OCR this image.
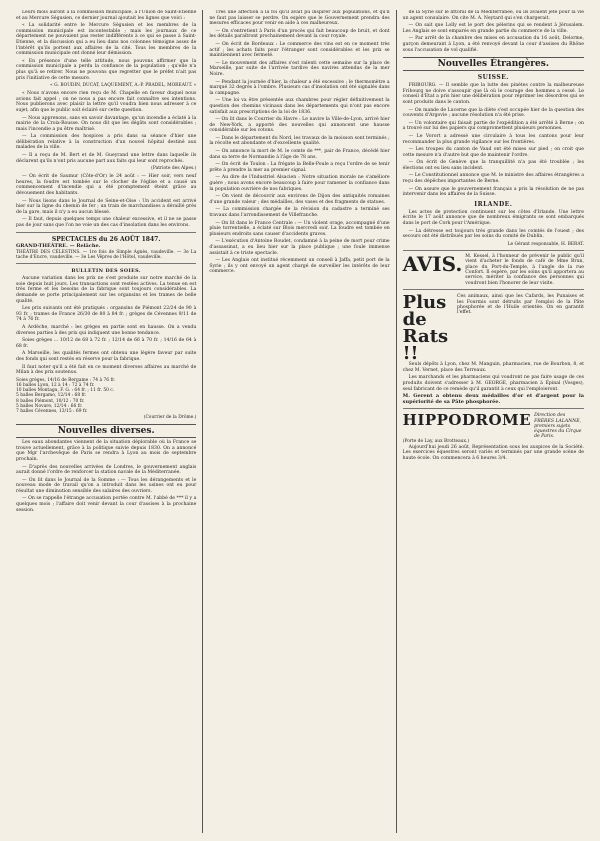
Leurs mois auront à la commission municipale, à l'Union de Saint-Etienne et au Mercure Ségusien, ce dernier journal ajoutait les lignes que voici :

« La solidarité entre le Mercure Ségusien et les membres de la commission municipale est incontestable ; mais les journaux de ce département ne pouvaient pas rester indifférents à ce qui se passe à Saint-Etienne, et la discussion qui a eu lieu dans nos colonnes témoigne assez de l'intérêt qu'ils portent aux affaires de la cité. Tous les membres de la commission municipale ont donné leur démission.

« En présence d'une telle attitude, nous pouvons affirmer que la commission municipale a perdu la confiance de la population ; qu'elle n'a plus qu'à se retirer. Nous ne pouvons que regretter que le préfet n'ait pas pris l'initiative de cette mesure.

« G. BOUDIN, DUCAT, LAQUEMENT, A.-P. PRADEL, MOREAUT. »

« Nous n'avons encore rien reçu de M. Chapelle en faveur duquel nous avions fait appel ; on ne nous a pas encore fait connaître ses intentions. Nous publierons avec plaisir la lettre qu'il voudra bien nous adresser à ce sujet, afin que le public soit éclairé sur cette question.

— Nous apprenons, sans en savoir davantage, qu'un incendie a éclaté à la mairie de la Croix-Rousse. On nous dit que les dégâts sont considérables ; mais l'incendie a pu être maîtrisé.

— La commission des hospices a pris dans sa séance d'hier une délibération relative à la construction d'un nouvel hôpital destiné aux malades de la ville.

— Il a reçu de M. Bert et de M. Gueyrand une lettre dans laquelle ils déclarent qu'ils n'ont pris aucune part aux faits qui leur sont reprochés.

(Patriote des Alpes.)

— On écrit de Saumur (Côte-d'Or) le 24 août : — Hier soir, vers neuf heures, la foudre est tombée sur le clocher de l'église et a causé un commencement d'incendie qui a été promptement éteint grâce au dévouement des habitants.

— Nous lisons dans le Journal de Seine-et-Oise : Un accident est arrivé hier sur la ligne du chemin de fer ; un train de marchandises a déraillé près de la gare, mais il n'y a eu aucun blessé.

— Il faut, depuis quelques temps une chaleur excessive, et il ne se passe pas de jour sans que l'on ne voie un des cas d'insolation dans les environs.

SPECTACLES du 26 AOÛT 1847.

GRAND-THÉÂTRE. — Relâche.

THÉÂTRE DES CÉLESTINS. — 1re fois de Simple Agnès, vaudeville. — 3e La tache d'Encre, vaudeville. — 3e Les Vêpres de l'Hôtel, vaudeville.

BULLETIN DES SOIES.

Aucune variation dans les prix ne s'est produite sur notre marché de la soie depuis huit jours. Les transactions sont restées actives. La tenue en est très ferme et les besoins de la fabrique sont toujours considérables. La demande se porte principalement sur les organsins et les trames de belle qualité.

Les prix suivants ont été pratiqués : organsins de Piémont 22/24 de 90 à 93 fr. ; trames de France 26/30 de 80 à 84 fr. ; grèges de Cévennes 9/11 de 74 à 76 fr.

A Ardèche, marché : les grèges en partie sont en hausse. On a vendu diverses parties à des prix qui indiquent une bonne tendance.

Soies grèges ... 10/12 de 68 à 72 fr. ; 12/14 de 66 à 70 fr. ; 14/16 de 64 à 68 fr.

A Marseille, les qualités fermes ont obtenu une légère faveur par suite des fonds qui sont restés en réserve pour la fabrique.

Il faut noter qu'il a été fait en ce moment diverses affaires au marché de Milan à des prix soutenus.

Soies grèges, 14/16 de Bergame : 74 à 76 fr.

16 balles Lyon, 12 à 14 : 72 à 74 fr.

10 balles Montagu, F. G. : 64 fr. ; 11 fr. 50 c.

5 balles Bergamo, 12/14 : 68 fr.

8 balles Piémont, 10/12 : 70 fr.

5 balles Novare, 12/14 : 66 fr.

7 balles Cévennes, 13/15 : 69 fr.

(Courrier de la Drôme.)
Nouvelles diverses.

Les eaux abondantes viennent de la situation déplorable où la France se trouve actuellement, grâce à la politique suivie depuis 1830. On a annoncé que Mgr l'archevêque de Paris se rendra à Lyon au mois de septembre prochain.

— D'après des nouvelles arrivées de Londres, le gouvernement anglais aurait donné l'ordre de renforcer la station navale de la Méditerranée.

— On lit dans le Journal de la Somme : — Tous les dérangements et le nouveau mode de travail qu'on a introduit dans les usines ont eu pour résultat une diminution sensible des salaires des ouvriers.

— On se rappelle l'étrange accusation portée contre M. l'abbé de *** il y a quelques mois ; l'affaire doit venir devant la cour d'assises à la prochaine session.

Très une affection à la foi qu'il avait pu inspirer aux populations, et qu'il ne faut pas laisser se perdre. On espère que le Gouvernement prendra des mesures efficaces pour venir en aide à ces malheureux.

— On s'entretient à Paris d'un procès qui fait beaucoup de bruit, et dont les détails paraîtront prochainement devant la cour royale.

— On écrit de Bordeaux : Le commerce des vins est en ce moment très actif ; les achats faits pour l'étranger sont considérables et les prix se maintiennent avec fermeté.

— Le mouvement des affaires s'est ralenti cette semaine sur la place de Marseille, par suite de l'arrivée tardive des navires attendus de la mer Noire.

— Pendant la journée d'hier, la chaleur a été excessive ; le thermomètre a marqué 32 degrés à l'ombre. Plusieurs cas d'insolation ont été signalés dans la campagne.

— Une loi va être présentée aux chambres pour régler définitivement la question des chemins vicinaux dans les départements qui n'ont pas encore satisfait aux prescriptions de la loi de 1836.

— On lit dans le Courrier du Havre : Le navire la Ville-de-Lyon, arrivé hier de New-York, a apporté des nouvelles qui annoncent une hausse considérable sur les cotons.

— Dans le département du Nord, les travaux de la moisson sont terminés ; la récolte est abondante et d'excellente qualité.

— On annonce la mort de M. le comte de ***, pair de France, décédé hier dans sa terre de Normandie à l'âge de 78 ans.

— On écrit de Toulon : La frégate la Belle-Poule a reçu l'ordre de se tenir prête à prendre la mer au premier signal.

— Au dire de l'Industriel Alsacien : Notre situation morale ne s'améliore guère ; nous avons encore beaucoup à faire pour ramener la confiance dans la population ouvrière de nos fabriques.

— On vient de découvrir aux environs de Dijon des antiquités romaines d'une grande valeur ; des médailles, des vases et des fragments de statues.

— La commission chargée de la révision du cadastre a terminé ses travaux dans l'arrondissement de Villefranche.

— On lit dans le France Centrale : — Un violent orage, accompagné d'une pluie torrentielle, a éclaté sur Blois mercredi soir. La foudre est tombée en plusieurs endroits sans causer d'accidents graves.

— L'exécution d'Antoine Roudet, condamné à la peine de mort pour crime d'assassinat, a eu lieu hier sur la place publique ; une foule immense assistait à ce triste spectacle.

— Les Anglais ont institué récemment un conseil à Jaffa, petit port de la Syrie ; ils y ont envoyé un agent chargé de surveiller les intérêts de leur commerce.

de la Syrie sur le littoral de la Méditerranée, où ils avaient jeté pour la vie un agent consulaire. On cite M. A. Neytard qui s'en chargerait.

— On sait que Lolly est le port des pèlerins qui se rendent à Jérusalem. Les Anglais se sont emparés en grande partie du commerce de la ville.

— Par arrêt de la chambre des mises en accusation du 16 août, Delorme, garçon demeurant à Lyon, a été renvoyé devant la cour d'assises du Rhône sous l'accusation de vol qualifié.

Nouvelles Étrangères.
SUISSE.

FRIBOURG. — Il semble que la lutte des pinètes contre la malheureuse Fribourg ne doive s'assoupir que là où le courage des hommes a cessé. Le conseil d'Etat a pris hier une délibération pour réprimer les désordres qui se sont produits dans le canton.

— On mande de Lucerne que la diète s'est occupée hier de la question des couvents d'Argovie ; aucune résolution n'a été prise.

— Un volontaire qui faisait partie de l'expédition a été arrêté à Berne ; on a trouvé sur lui des papiers qui compromettent plusieurs personnes.

— Le Vorort a adressé une circulaire à tous les cantons pour leur recommander la plus grande vigilance sur les frontières.

— Les troupes du canton de Vaud ont été mises sur pied ; on croit que cette mesure n'a d'autre but que de maintenir l'ordre.

— On écrit de Genève que la tranquillité n'a pas été troublée ; les élections ont eu lieu sans incident.

— Le Constitutionnel annonce que M. le ministre des affaires étrangères a reçu des dépêches importantes de Berne.

— On assure que le gouvernement français a pris la résolution de ne pas intervenir dans les affaires de la Suisse.

IRLANDE.

Les actes de protection continuent sur les côtes d'Irlande. Une lettre écrite le 17 août annonce que de nombreux émigrants se sont embarqués dans le port de Cork pour l'Amérique.

— La détresse est toujours très grande dans les comtés de l'ouest ; des secours ont été distribués par les soins du comité de Dublin.

Le Gérant responsable, H. BERAT.
AVIS. M. Kessel, à l'honneur de prévenir le public qu'il vient d'acheter le fonds de café de Mme Brun, place du Port-du-Temple, à l'angle de la rue Confort. Il espère, par les soins qu'il apportera au service, mériter la confiance des personnes qui voudront bien l'honorer de leur visite.
Plus de Rats !!
Ces animaux, ainsi que les Cafards, les Punaises et les Fourmis sont détruits par l'emploi de la Pâte phosphorée et de l'Huile orientée. On en garantit l'effet.

Seuls dépôts à Lyon, chez M. Manguin, pharmacien, rue de Bourbon, 8, et chez M. Vernet, place des Terreaux.

Les marchands et les pharmaciens qui voudront ne pas faire usage de ces produits doivent s'adresser à M. GEORGE, pharmacien à Épinal (Vosges), seul fabricant de ce remède qu'il garantit à ceux qui l'emploieront.

M. Gerent a obtenu deux médailles d'or et d'argent pour la supériorité de sa Pâte phosphorée.

HIPPODROME Direction des FRÈRES LALANNE, premiers sujets équestres du Cirque de Paris.

(Porte de Lay, aux Brotteaux.)

Aujourd'hui jeudi 26 août, Représentation sous les auspices de la Société. Les exercices équestres seront variés et terminés par une grande scène de haute école. On commencera à 6 heures 3/4.
